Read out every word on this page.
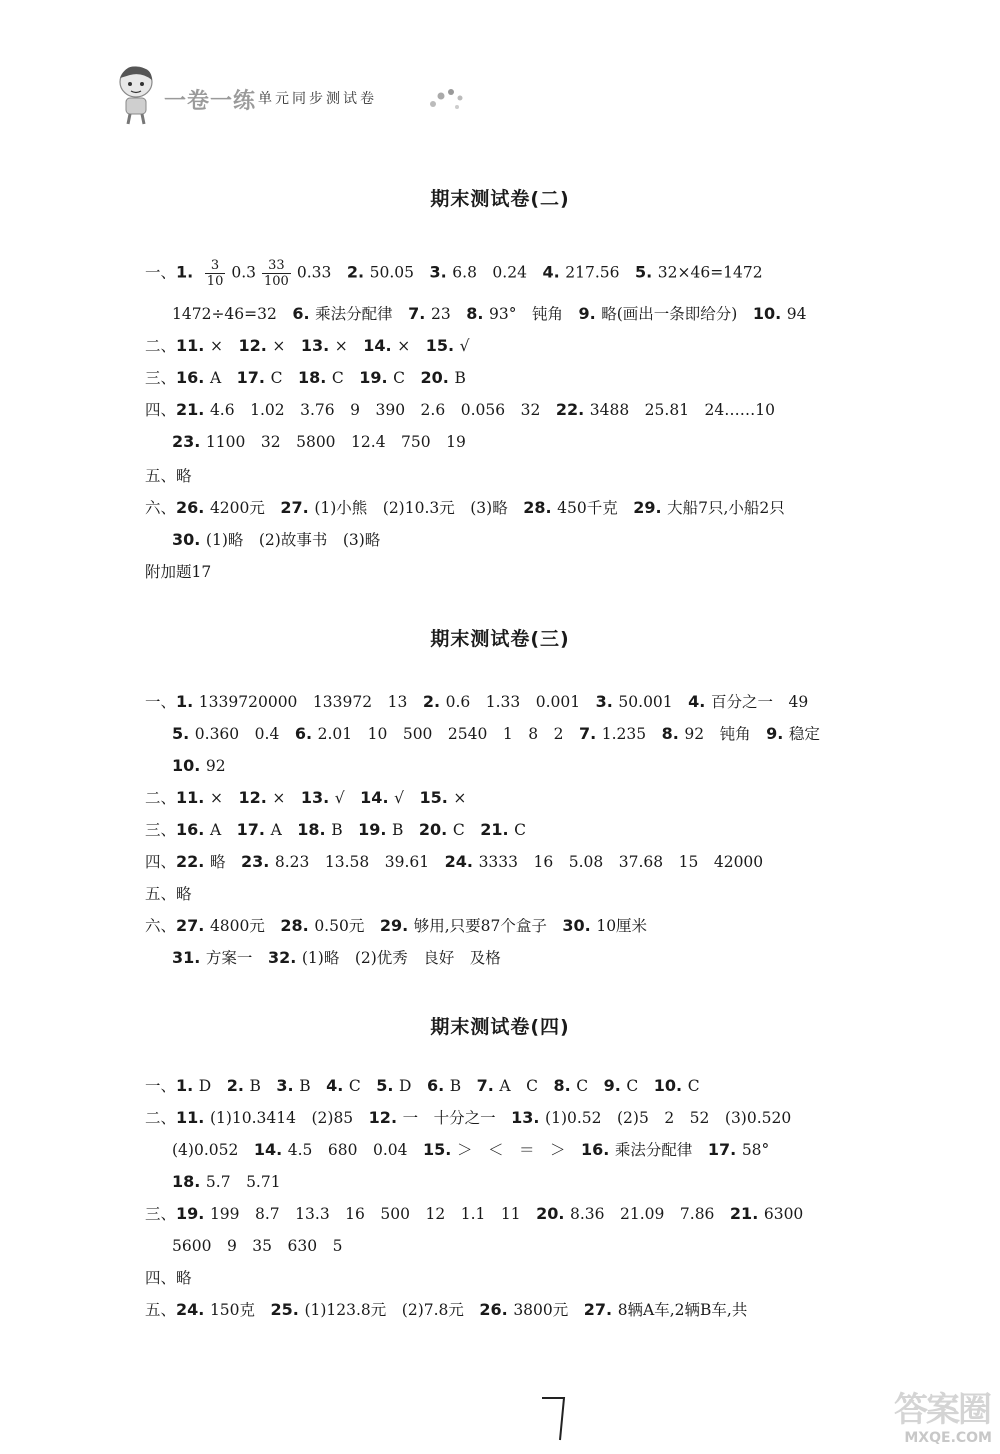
一卷一练 单元同步测试卷
期末测试卷(二)
一、1. $\frac{3}{10} 0.3 \frac{33}{100} 0.33$　2. 50.05　3. 6.8　0.24　4. 217.56　5. 32×46=1472
1472÷46=32　6. 乘法分配律　7. 23　8. 93°　钝角　9. 略(画出一条即给分)　10. 94
二、11. ×　12. ×　13. ×　14. ×　15. √
三、16. A　17. C　18. C　19. C　20. B
四、21. 4.6　1.02　3.76　9　390　2.6　0.056　32　22. 3488　25.81　24……10
23. 1100　32　5800　12.4　750　19
五、略
六、26. 4200元　27. (1)小熊　(2)10.3元　(3)略　28. 450千克　29. 大船7只,小船2只
30. (1)略　(2)故事书　(3)略
附加题17
期末测试卷(三)
一、1. 1339720000　133972　13　2. 0.6　1.33　0.001　3. 50.001　4. 百分之一　49
5. 0.360　0.4　6. 2.01　10　500　2540　1　8　2　7. 1.235　8. 92　钝角　9. 稳定
10. 92
二、11. ×　12. ×　13. √　14. √　15. ×
三、16. A　17. A　18. B　19. B　20. C　21. C
四、22. 略　23. 8.23　13.58　39.61　24. 3333　16　5.08　37.68　15　42000
五、略
六、27. 4800元　28. 0.50元　29. 够用,只要87个盒子　30. 10厘米
31. 方案一　32. (1)略　(2)优秀　良好　及格
期末测试卷(四)
一、1. D　2. B　3. B　4. C　5. D　6. B　7. A　C　8. C　9. C　10. C
二、11. (1)10.3414　(2)85　12. 一　十分之一　13. (1)0.52　(2)5　2　52　(3)0.520
(4)0.052　14. 4.5　680　0.04　15. ＞　＜　＝　＞　16. 乘法分配律　17. 58°
18. 5.7　5.71
三、19. 199　8.7　13.3　16　500　12　1.1　11　20. 8.36　21.09　7.86　21. 6300
5600　9　35　630　5
四、略
五、24. 150克　25. (1)123.8元　(2)7.8元　26. 3800元　27. 8辆A车,2辆B车,共
答案圈
MXQE.COM
